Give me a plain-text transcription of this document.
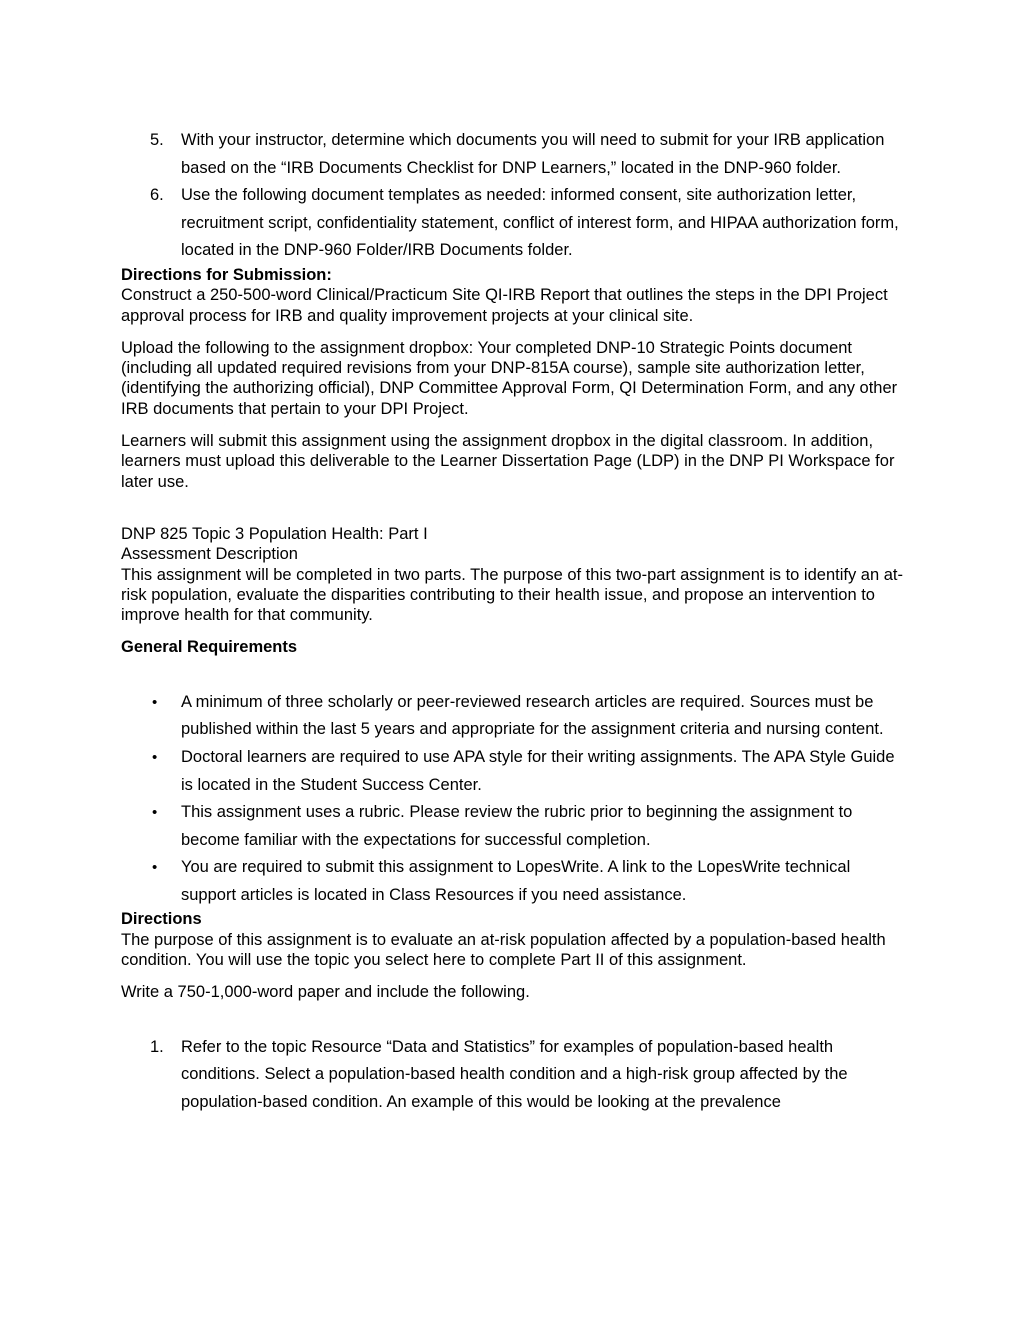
5. With your instructor, determine which documents you will need to submit for your IRB application based on the “IRB Documents Checklist for DNP Learners,” located in the DNP-960 folder.
6. Use the following document templates as needed: informed consent, site authorization letter, recruitment script, confidentiality statement, conflict of interest form, and HIPAA authorization form, located in the DNP-960 Folder/IRB Documents folder.
Directions for Submission:

Construct a 250-500-word Clinical/Practicum Site QI-IRB Report that outlines the steps in the DPI Project approval process for IRB and quality improvement projects at your clinical site.

Upload the following to the assignment dropbox: Your completed DNP-10 Strategic Points document (including all updated required revisions from your DNP-815A course), sample site authorization letter, (identifying the authorizing official), DNP Committee Approval Form, QI Determination Form, and any other IRB documents that pertain to your DPI Project.

Learners will submit this assignment using the assignment dropbox in the digital classroom. In addition, learners must upload this deliverable to the Learner Dissertation Page (LDP) in the DNP PI Workspace for later use.

DNP 825 Topic 3 Population Health: Part I

Assessment Description

This assignment will be completed in two parts. The purpose of this two-part assignment is to identify an at-risk population, evaluate the disparities contributing to their health issue, and propose an intervention to improve health for that community.

General Requirements
• A minimum of three scholarly or peer-reviewed research articles are required. Sources must be published within the last 5 years and appropriate for the assignment criteria and nursing content.
• Doctoral learners are required to use APA style for their writing assignments. The APA Style Guide is located in the Student Success Center.
• This assignment uses a rubric. Please review the rubric prior to beginning the assignment to become familiar with the expectations for successful completion.
• You are required to submit this assignment to LopesWrite. A link to the LopesWrite technical support articles is located in Class Resources if you need assistance.
Directions

The purpose of this assignment is to evaluate an at-risk population affected by a population-based health condition. You will use the topic you select here to complete Part II of this assignment.

Write a 750-1,000-word paper and include the following.

1. Refer to the topic Resource “Data and Statistics” for examples of population-based health conditions. Select a population-based health condition and a high-risk group affected by the population-based condition. An example of this would be looking at the prevalence
